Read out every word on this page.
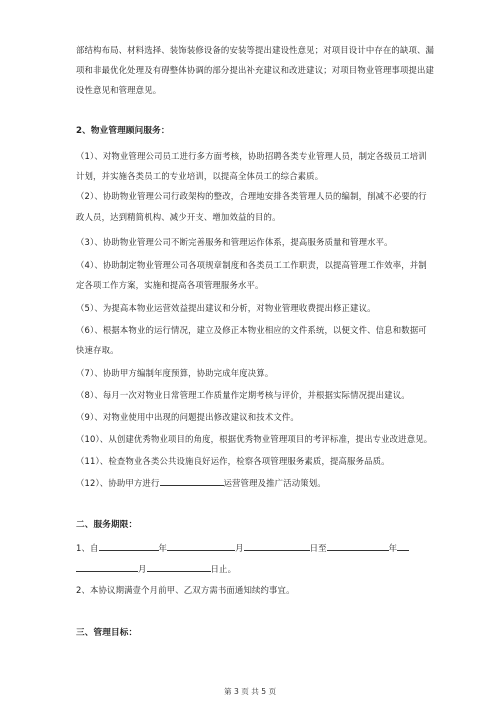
部结构布局、材料选择、装饰装修设备的安装等提出建设性意见；对项目设计中存在的缺项、漏
项和非最优化处理及有碍整体协调的部分提出补充建议和改进建议；对项目物业管理事项提出建
设性意见和管理意见。
2、物业管理顾问服务：
（1）、对物业管理公司员工进行多方面考核，协助招聘各类专业管理人员，制定各级员工培训
计划，并实施各类员工的专业培训，以提高全体员工的综合素质。
（2）、协助物业管理公司行政架构的整改，合理地安排各类管理人员的编制，削减不必要的行
政人员，达到精简机构、减少开支、增加效益的目的。
（3）、协助物业管理公司不断完善服务和管理运作体系，提高服务质量和管理水平。
（4）、协助制定物业管理公司各项规章制度和各类员工工作职责，以提高管理工作效率，并制
定各项工作方案，实施和提高各项管理服务水平。
（5）、为提高本物业运营效益提出建议和分析，对物业管理收费提出修正建议。
（6）、根据本物业的运行情况，建立及修正本物业相应的文件系统，以便文件、信息和数据可
快速存取。
（7）、协助甲方编制年度预算，协助完成年度决算。
（8）、每月一次对物业日常管理工作质量作定期考核与评价，并根据实际情况提出建议。
（9）、对物业使用中出现的问题提出修改建议和技术文件。
（10）、从创建优秀物业项目的角度，根据优秀物业管理项目的考评标准，提出专业改进意见。
（11）、检查物业各类公共设施良好运作，检察各项管理服务素质，提高服务品质。
（12）、协助甲方进行	运营管理及推广活动策划。
二、服务期限：
1、自	年	月	日至	年
月	日止。
2、本协议期满壹个月前甲、乙双方需书面通知续约事宜。
三、管理目标：
第 3 页 共 5 页
